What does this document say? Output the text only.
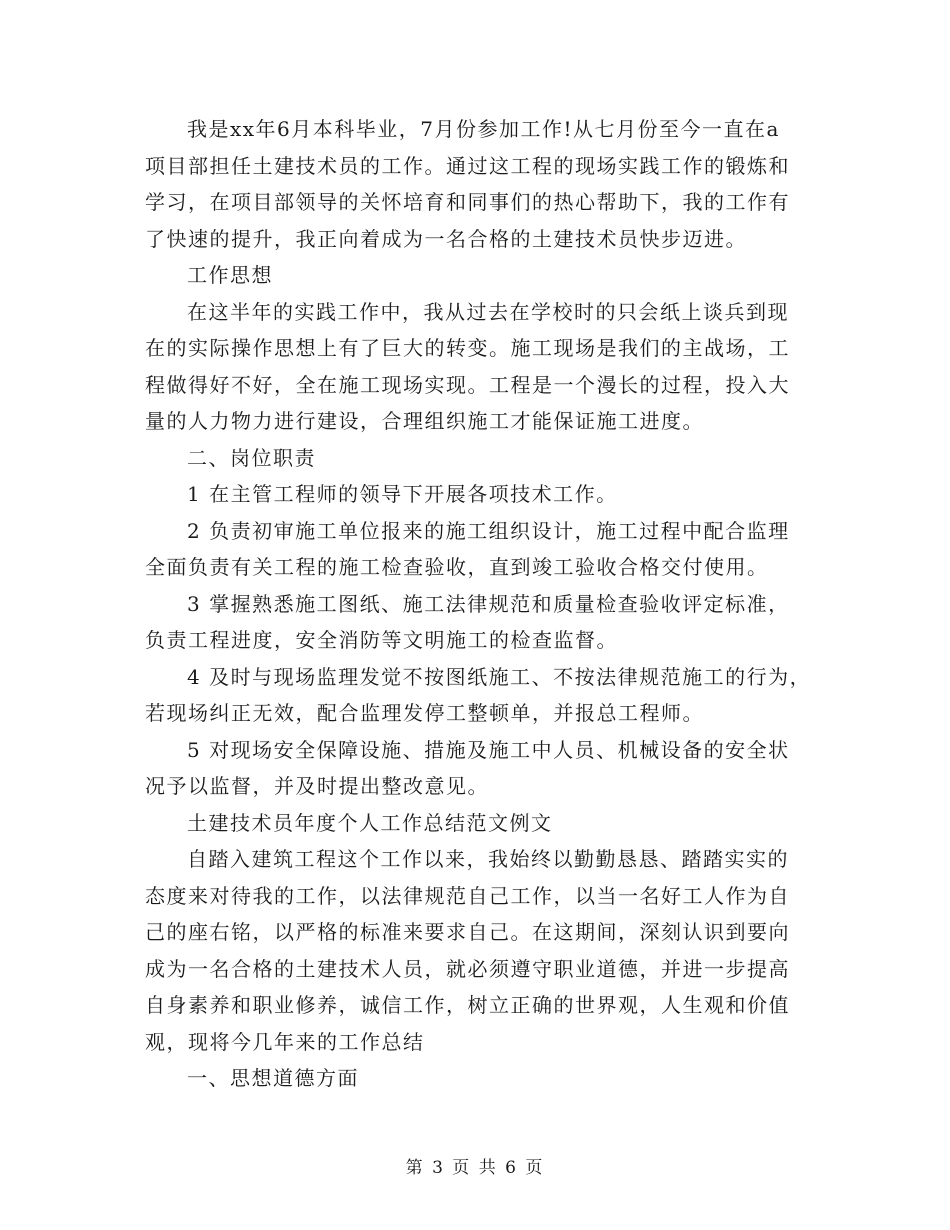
我是xx年6月本科毕业，7月份参加工作!从七月份至今一直在a
项目部担任土建技术员的工作。通过这工程的现场实践工作的锻炼和
学习，在项目部领导的关怀培育和同事们的热心帮助下，我的工作有
了快速的提升，我正向着成为一名合格的土建技术员快步迈进。
工作思想
在这半年的实践工作中，我从过去在学校时的只会纸上谈兵到现
在的实际操作思想上有了巨大的转变。施工现场是我们的主战场，工
程做得好不好，全在施工现场实现。工程是一个漫长的过程，投入大
量的人力物力进行建设，合理组织施工才能保证施工进度。
二、岗位职责
1 在主管工程师的领导下开展各项技术工作。
2 负责初审施工单位报来的施工组织设计，施工过程中配合监理
全面负责有关工程的施工检查验收，直到竣工验收合格交付使用。
3 掌握熟悉施工图纸、施工法律规范和质量检查验收评定标准，
负责工程进度，安全消防等文明施工的检查监督。
4 及时与现场监理发觉不按图纸施工、不按法律规范施工的行为，
若现场纠正无效，配合监理发停工整顿单，并报总工程师。
5 对现场安全保障设施、措施及施工中人员、机械设备的安全状
况予以监督，并及时提出整改意见。
土建技术员年度个人工作总结范文例文
自踏入建筑工程这个工作以来，我始终以勤勤恳恳、踏踏实实的
态度来对待我的工作，以法律规范自己工作，以当一名好工人作为自
己的座右铭，以严格的标准来要求自己。在这期间，深刻认识到要向
成为一名合格的土建技术人员，就必须遵守职业道德，并进一步提高
自身素养和职业修养，诚信工作，树立正确的世界观，人生观和价值
观，现将今几年来的工作总结
一、思想道德方面
第 3 页 共 6 页
